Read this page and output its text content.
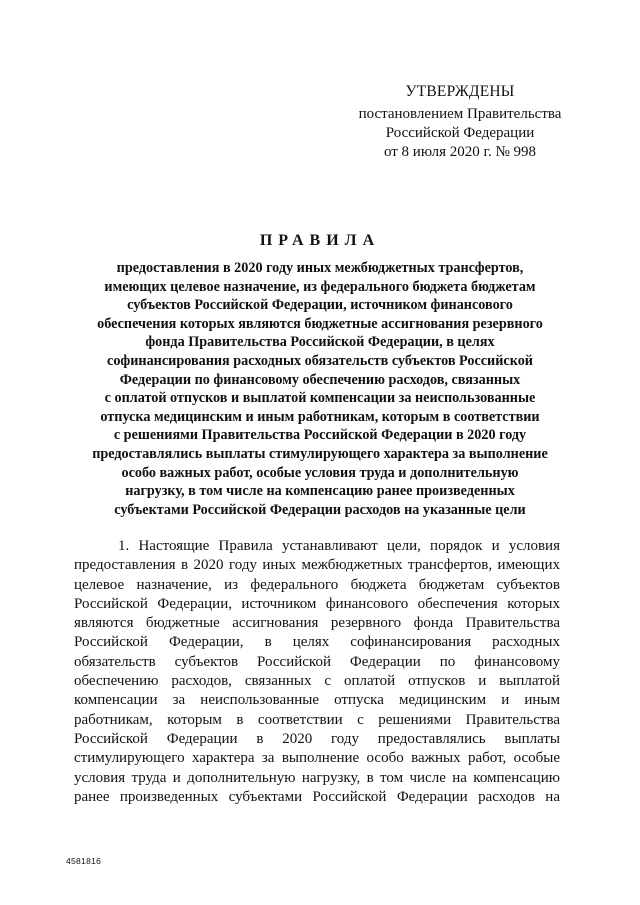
УТВЕРЖДЕНЫ
постановлением Правительства
Российской Федерации
от 8 июля 2020 г. № 998
ПРАВИЛА
предоставления в 2020 году иных межбюджетных трансфертов,
имеющих целевое назначение, из федерального бюджета бюджетам
субъектов Российской Федерации, источником финансового
обеспечения которых являются бюджетные ассигнования резервного
фонда Правительства Российской Федерации, в целях
софинансирования расходных обязательств субъектов Российской
Федерации по финансовому обеспечению расходов, связанных
с оплатой отпусков и выплатой компенсации за неиспользованные
отпуска медицинским и иным работникам, которым в соответствии
с решениями Правительства Российской Федерации в 2020 году
предоставлялись выплаты стимулирующего характера за выполнение
особо важных работ, особые условия труда и дополнительную
нагрузку, в том числе на компенсацию ранее произведенных
субъектами Российской Федерации расходов на указанные цели
1. Настоящие Правила устанавливают цели, порядок и условия
предоставления в 2020 году иных межбюджетных трансфертов, имеющих
целевое назначение, из федерального бюджета бюджетам субъектов
Российской Федерации, источником финансового обеспечения которых
являются бюджетные ассигнования резервного фонда Правительства
Российской Федерации, в целях софинансирования расходных
обязательств субъектов Российской Федерации по финансовому
обеспечению расходов, связанных с оплатой отпусков и выплатой
компенсации за неиспользованные отпуска медицинским и иным
работникам, которым в соответствии с решениями Правительства
Российской Федерации в 2020 году предоставлялись выплаты
стимулирующего характера за выполнение особо важных работ, особые
условия труда и дополнительную нагрузку, в том числе на компенсацию
ранее произведенных субъектами Российской Федерации расходов на
4581816
